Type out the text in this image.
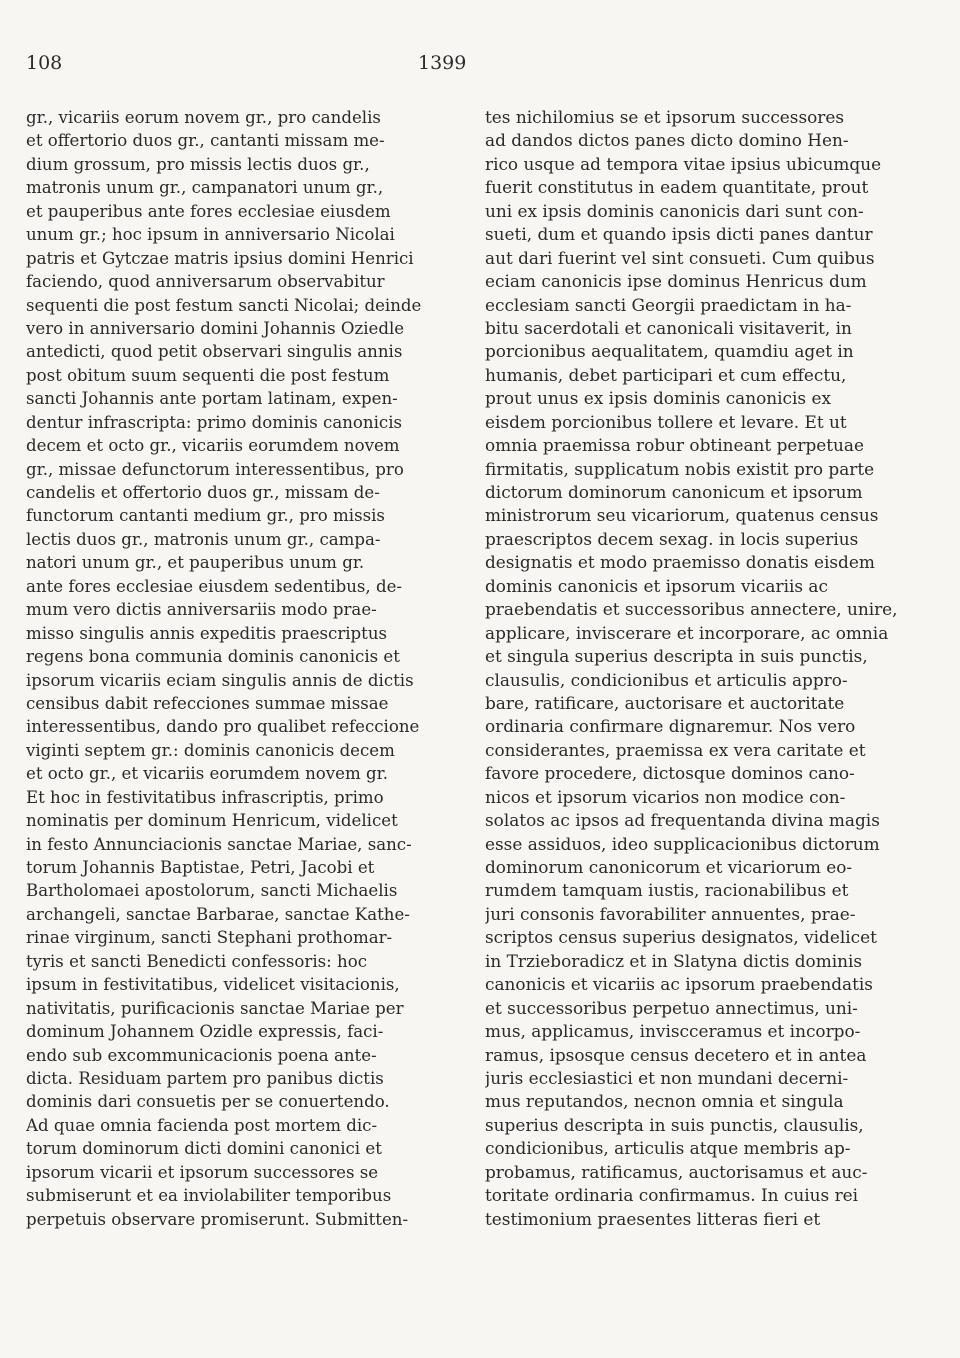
108	1399
gr., vicariis eorum novem gr., pro candelis
et offertorio duos gr., cantanti missam me-
dium grossum, pro missis lectis duos gr.,
matronis unum gr., campanatori unum gr.,
et pauperibus ante fores ecclesiae eiusdem
unum gr.; hoc ipsum in anniversario Nicolai
patris et Gytczae matris ipsius domini Henrici
faciendo, quod anniversarum observabitur
sequenti die post festum sancti Nicolai; deinde
vero in anniversario domini Johannis Oziedle
antedicti, quod petit observari singulis annis
post obitum suum sequenti die post festum
sancti Johannis ante portam latinam, expen-
dentur infrascripta: primo dominis canonicis
decem et octo gr., vicariis eorumdem novem
gr., missae defunctorum interessentibus, pro
candelis et offertorio duos gr., missam de-
functorum cantanti medium gr., pro missis
lectis duos gr., matronis unum gr., campa-
natori unum gr., et pauperibus unum gr.
ante fores ecclesiae eiusdem sedentibus, de-
mum vero dictis anniversariis modo prae-
misso singulis annis expeditis praescriptus
regens bona communia dominis canonicis et
ipsorum vicariis eciam singulis annis de dictis
censibus dabit refecciones summae missae
interessentibus, dando pro qualibet refeccione
viginti septem gr.: dominis canonicis decem
et octo gr., et vicariis eorumdem novem gr.
Et hoc in festivitatibus infrascriptis, primo
nominatis per dominum Henricum, videlicet
in festo Annunciacionis sanctae Mariae, sanc-
torum Johannis Baptistae, Petri, Jacobi et
Bartholomaei apostolorum, sancti Michaelis
archangeli, sanctae Barbarae, sanctae Kathe-
rinae virginum, sancti Stephani prothomar-
tyris et sancti Benedicti confessoris: hoc
ipsum in festivitatibus, videlicet visitacionis,
nativitatis, purificacionis sanctae Mariae per
dominum Johannem Ozidle expressis, faci-
endo sub excommunicacionis poena ante-
dicta. Residuam partem pro panibus dictis
dominis dari consuetis per se conuertendo.
Ad quae omnia facienda post mortem dic-
torum dominorum dicti domini canonici et
ipsorum vicarii et ipsorum successores se
submiserunt et ea inviolabiliter temporibus
perpetuis observare promiserunt. Submitten-
tes nichilomius se et ipsorum successores
ad dandos dictos panes dicto domino Hen-
rico usque ad tempora vitae ipsius ubicumque
fuerit constitutus in eadem quantitate, prout
uni ex ipsis dominis canonicis dari sunt con-
sueti, dum et quando ipsis dicti panes dantur
aut dari fuerint vel sint consueti. Cum quibus
eciam canonicis ipse dominus Henricus dum
ecclesiam sancti Georgii praedictam in ha-
bitu sacerdotali et canonicali visitaverit, in
porcionibus aequalitatem, quamdiu aget in
humanis, debet participari et cum effectu,
prout unus ex ipsis dominis canonicis ex
eisdem porcionibus tollere et levare. Et ut
omnia praemissa robur obtineant perpetuae
firmitatis, supplicatum nobis existit pro parte
dictorum dominorum canonicum et ipsorum
ministrorum seu vicariorum, quatenus census
praescriptos decem sexag. in locis superius
designatis et modo praemisso donatis eisdem
dominis canonicis et ipsorum vicariis ac
praebendatis et successoribus annectere, unire,
applicare, inviscerare et incorporare, ac omnia
et singula superius descripta in suis punctis,
clausulis, condicionibus et articulis appro-
bare, ratificare, auctorisare et auctoritate
ordinaria confirmare dignaremur. Nos vero
considerantes, praemissa ex vera caritate et
favore procedere, dictosque dominos cano-
nicos et ipsorum vicarios non modice con-
solatos ac ipsos ad frequentanda divina magis
esse assiduos, ideo supplicacionibus dictorum
dominorum canonicorum et vicariorum eo-
rumdem tamquam iustis, racionabilibus et
juri consonis favorabiliter annuentes, prae-
scriptos census superius designatos, videlicet
in Trzieboradicz et in Slatyna dictis dominis
canonicis et vicariis ac ipsorum praebendatis
et successoribus perpetuo annectimus, uni-
mus, applicamus, inviscceramus et incorpo-
ramus, ipsosque census decetero et in antea
juris ecclesiastici et non mundani decerni-
mus reputandos, necnon omnia et singula
superius descripta in suis punctis, clausulis,
condicionibus, articulis atque membris ap-
probamus, ratificamus, auctorisamus et auc-
toritate ordinaria confirmamus. In cuius rei
testimonium praesentes litteras fieri et
